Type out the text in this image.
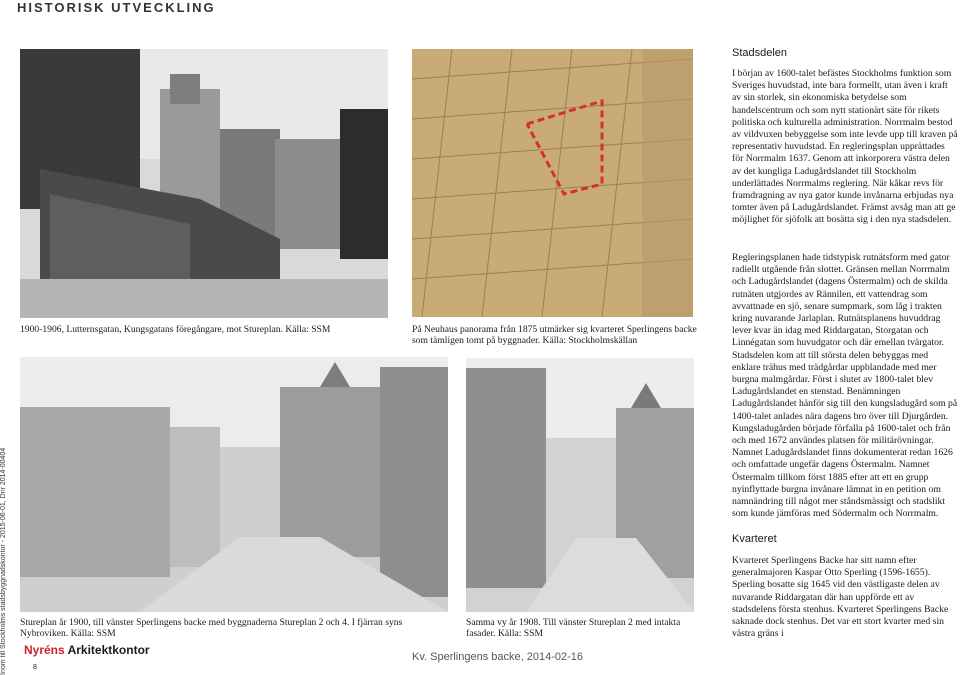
HISTORISK UTVECKLING
Inom till Stockholms stadsbyggnadskontor - 2015-06-01, Dnr 2014-00404
1900-1906, Lutternsgatan, Kungsgatans föregångare, mot Stureplan. Källa: SSM	På Neuhaus panorama från 1875 utmärker sig kvarteret Sperlingens backe som tämligen tomt på byggnader. Källa: Stockholmskällan
Stureplan år 1900, till vänster Sperlingens backe med byggnaderna Stureplan 2 och 4. I fjärran syns Nybroviken. Källa: SSM
Samma vy år 1908. Till vänster Stureplan 2 med intakta fasader. Källa: SSM
Stadsdelen
I början av 1600-talet befästes Stockholms funktion som Sveriges huvudstad, inte bara formellt, utan även i kraft av sin storlek, sin ekonomiska betydelse som handelscentrum och som nytt stationärt säte för rikets politiska och kulturella administration. Norrmalm bestod av vildvuxen bebyggelse som inte levde upp till kraven på representativ huvudstad. En regleringsplan upprättades för Norrmalm 1637. Genom att inkorporera västra delen av det kungliga Ladugårdslandet till Stockholm underlättades Norrmalms reglering. När kåkar revs för framdragning av nya gator kunde invånarna erbjudas nya tomter även på Ladugårdslandet. Främst avsåg man att ge möjlighet för sjöfolk att bosätta sig i den nya stadsdelen.
Regleringsplanen hade tidstypisk rutnätsform med gator radiellt utgående från slottet. Gränsen mellan Norrmalm och Ladugårdslandet (dagens Östermalm) och de skilda rutnäten utgjordes av Rännilen, ett vattendrag som avvattnade en sjö, senare sumpmark, som låg i trakten kring nuvarande Jarlaplan. Rutnätsplanens huvuddrag lever kvar än idag med Riddargatan, Storgatan och Linnégatan som huvudgator och där emellan tvärgator. Stadsdelen kom att till största delen bebyggas med enklare trähus med trädgårdar uppblandade med mer burgna malmgårdar. Först i slutet av 1800-talet blev Ladugårdslandet en stenstad. Benämningen Ladugårdslandet hänför sig till den kungsladugård som på 1400-talet anlades nära dagens bro över till Djurgården. Kungsladugården började förfalla på 1600-talet och från och med 1672 användes platsen för militärövningar. Namnet Ladugårdslandet finns dokumenterat redan 1626 och omfattade ungefär dagens Östermalm. Namnet Östermalm tillkom först 1885 efter att ett en grupp nyinflyttade burgna invånare lämnat in en petition om namnändring till något mer ståndsmässigt och stadslikt som kunde jämföras med Södermalm och Norrmalm.
Kvarteret
Kvarteret Sperlingens Backe har sitt namn efter generalmajoren Kaspar Otto Sperling (1596-1655). Sperling bosatte sig 1645 vid den västligaste delen av nuvarande Riddargatan där han uppförde ett av stadsdelens första stenhus. Kvarteret Sperlingens Backe saknade dock stenhus. Det var ett stort kvarter med sin västra gräns i
Nyréns Arkitektkontor
8
Kv. Sperlingens backe, 2014-02-16
